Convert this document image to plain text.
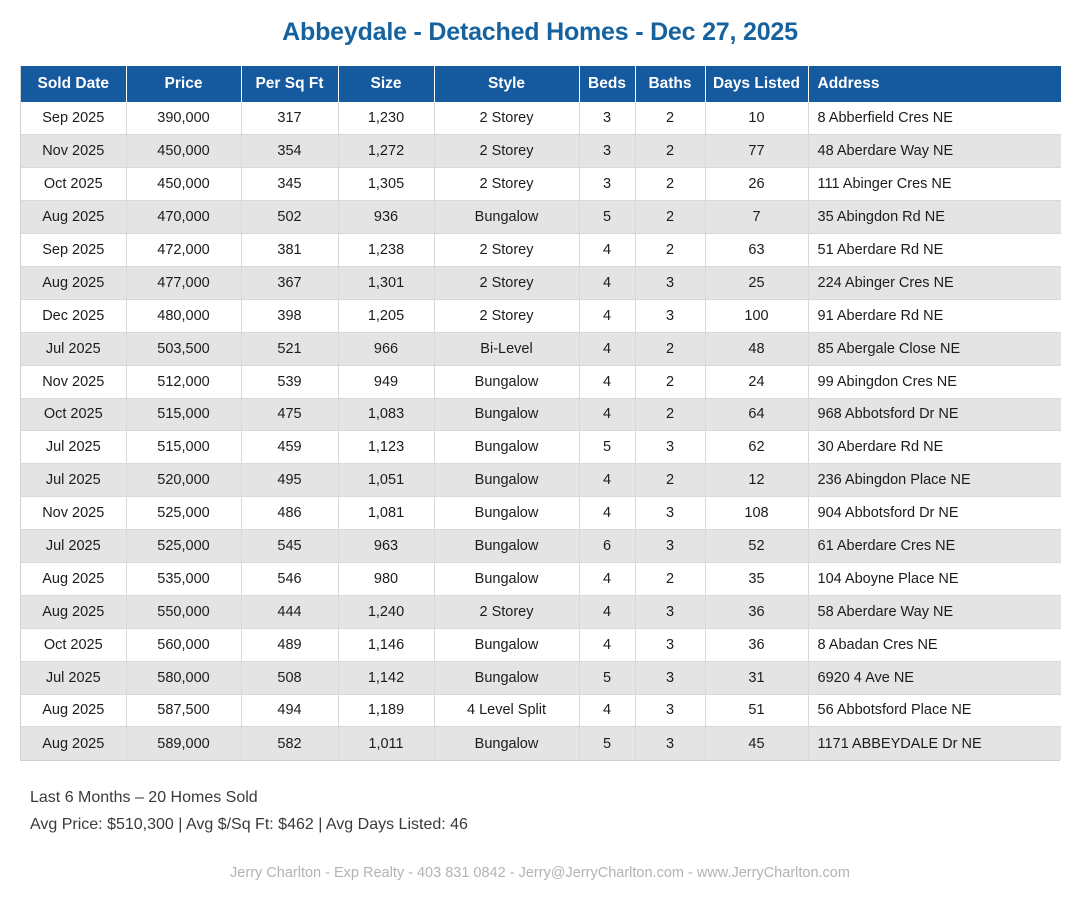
Abbeydale - Detached Homes - Dec 27, 2025
Sold Date	Price	Per Sq Ft	Size	Style	Beds	Baths	Days Listed	Address
Sep 2025	390,000	317	1,230	2 Storey	3	2	10	8 Abberfield Cres NE
Nov 2025	450,000	354	1,272	2 Storey	3	2	77	48 Aberdare Way NE
Oct 2025	450,000	345	1,305	2 Storey	3	2	26	111 Abinger Cres NE
Aug 2025	470,000	502	936	Bungalow	5	2	7	35 Abingdon Rd NE
Sep 2025	472,000	381	1,238	2 Storey	4	2	63	51 Aberdare Rd NE
Aug 2025	477,000	367	1,301	2 Storey	4	3	25	224 Abinger Cres NE
Dec 2025	480,000	398	1,205	2 Storey	4	3	100	91 Aberdare Rd NE
Jul 2025	503,500	521	966	Bi-Level	4	2	48	85 Abergale Close NE
Nov 2025	512,000	539	949	Bungalow	4	2	24	99 Abingdon Cres NE
Oct 2025	515,000	475	1,083	Bungalow	4	2	64	968 Abbotsford Dr NE
Jul 2025	515,000	459	1,123	Bungalow	5	3	62	30 Aberdare Rd NE
Jul 2025	520,000	495	1,051	Bungalow	4	2	12	236 Abingdon Place NE
Nov 2025	525,000	486	1,081	Bungalow	4	3	108	904 Abbotsford Dr NE
Jul 2025	525,000	545	963	Bungalow	6	3	52	61 Aberdare Cres NE
Aug 2025	535,000	546	980	Bungalow	4	2	35	104 Aboyne Place NE
Aug 2025	550,000	444	1,240	2 Storey	4	3	36	58 Aberdare Way NE
Oct 2025	560,000	489	1,146	Bungalow	4	3	36	8 Abadan Cres NE
Jul 2025	580,000	508	1,142	Bungalow	5	3	31	6920 4 Ave NE
Aug 2025	587,500	494	1,189	4 Level Split	4	3	51	56 Abbotsford Place NE
Aug 2025	589,000	582	1,011	Bungalow	5	3	45	1171 ABBEYDALE Dr NE
Last 6 Months – 20 Homes Sold
Avg Price: $510,300 | Avg $/Sq Ft: $462 | Avg Days Listed: 46
Jerry Charlton - Exp Realty - 403 831 0842 - Jerry@JerryCharlton.com - www.JerryCharlton.com
